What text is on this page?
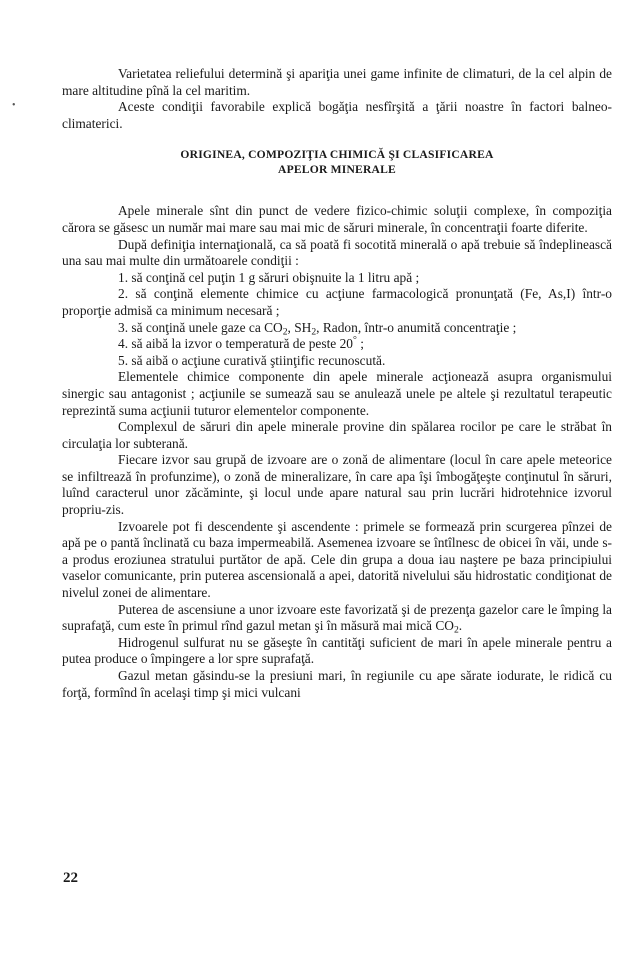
•

Varietatea reliefului determină şi apariţia unei game infinite de climaturi, de la cel alpin de mare altitudine pînă la cel maritim.

Aceste condiţii favorabile explică bogăţia nesfîrşită a ţării noastre în factori balneo-climaterici.

ORIGINEA, COMPOZIŢIA CHIMICĂ ŞI CLASIFICAREA
APELOR MINERALE

Apele minerale sînt din punct de vedere fizico-chimic soluţii complexe, în compoziţia cărora se găsesc un număr mai mare sau mai mic de săruri minerale, în concentraţii foarte diferite.

După definiţia internaţională, ca să poată fi socotită minerală o apă trebuie să îndeplinească una sau mai multe din următoarele condiţii :

1. să conţină cel puţin 1 g săruri obişnuite la 1 litru apă ;

2. să conţină elemente chimice cu acţiune farmacologică pronunţată (Fe, As,I) într-o proporţie admisă ca minimum necesară ;

3. să conţină unele gaze ca $CO_2$, $SH_2$, Radon, într-o anumită concentraţie ;

4. să aibă la izvor o temperatură de peste 20° ;

5. să aibă o acţiune curativă ştiinţific recunoscută.

Elementele chimice componente din apele minerale acţionează asupra organismului sinergic sau antagonist ; acţiunile se sumează sau se anulează unele pe altele şi rezultatul terapeutic reprezintă suma acţiunii tuturor elementelor componente.

Complexul de săruri din apele minerale provine din spălarea rocilor pe care le străbat în circulaţia lor subterană.

Fiecare izvor sau grupă de izvoare are o zonă de alimentare (locul în care apele meteorice se infiltrează în profunzime), o zonă de mineralizare, în care apa îşi îmbogăţeşte conţinutul în săruri, luînd caracterul unor zăcăminte, şi locul unde apare natural sau prin lucrări hidrotehnice izvorul propriu-zis.

Izvoarele pot fi descendente şi ascendente : primele se formează prin scurgerea pînzei de apă pe o pantă înclinată cu baza impermeabilă. Asemenea izvoare se întîlnesc de obicei în văi, unde s-a produs eroziunea stratului purtător de apă. Cele din grupa a doua iau naştere pe baza principiului vaselor comunicante, prin puterea ascensională a apei, datorită nivelului său hidrostatic condiţionat de nivelul zonei de alimentare.

Puterea de ascensiune a unor izvoare este favorizată şi de prezenţa gazelor care le împing la suprafaţă, cum este în primul rînd gazul metan şi în măsură mai mică $CO_2$.

Hidrogenul sulfurat nu se găseşte în cantităţi suficient de mari în apele minerale pentru a putea produce o împingere a lor spre suprafaţă.

Gazul metan găsindu-se la presiuni mari, în regiunile cu ape sărate iodurate, le ridică cu forţă, formînd în acelaşi timp şi mici vulcani

22
